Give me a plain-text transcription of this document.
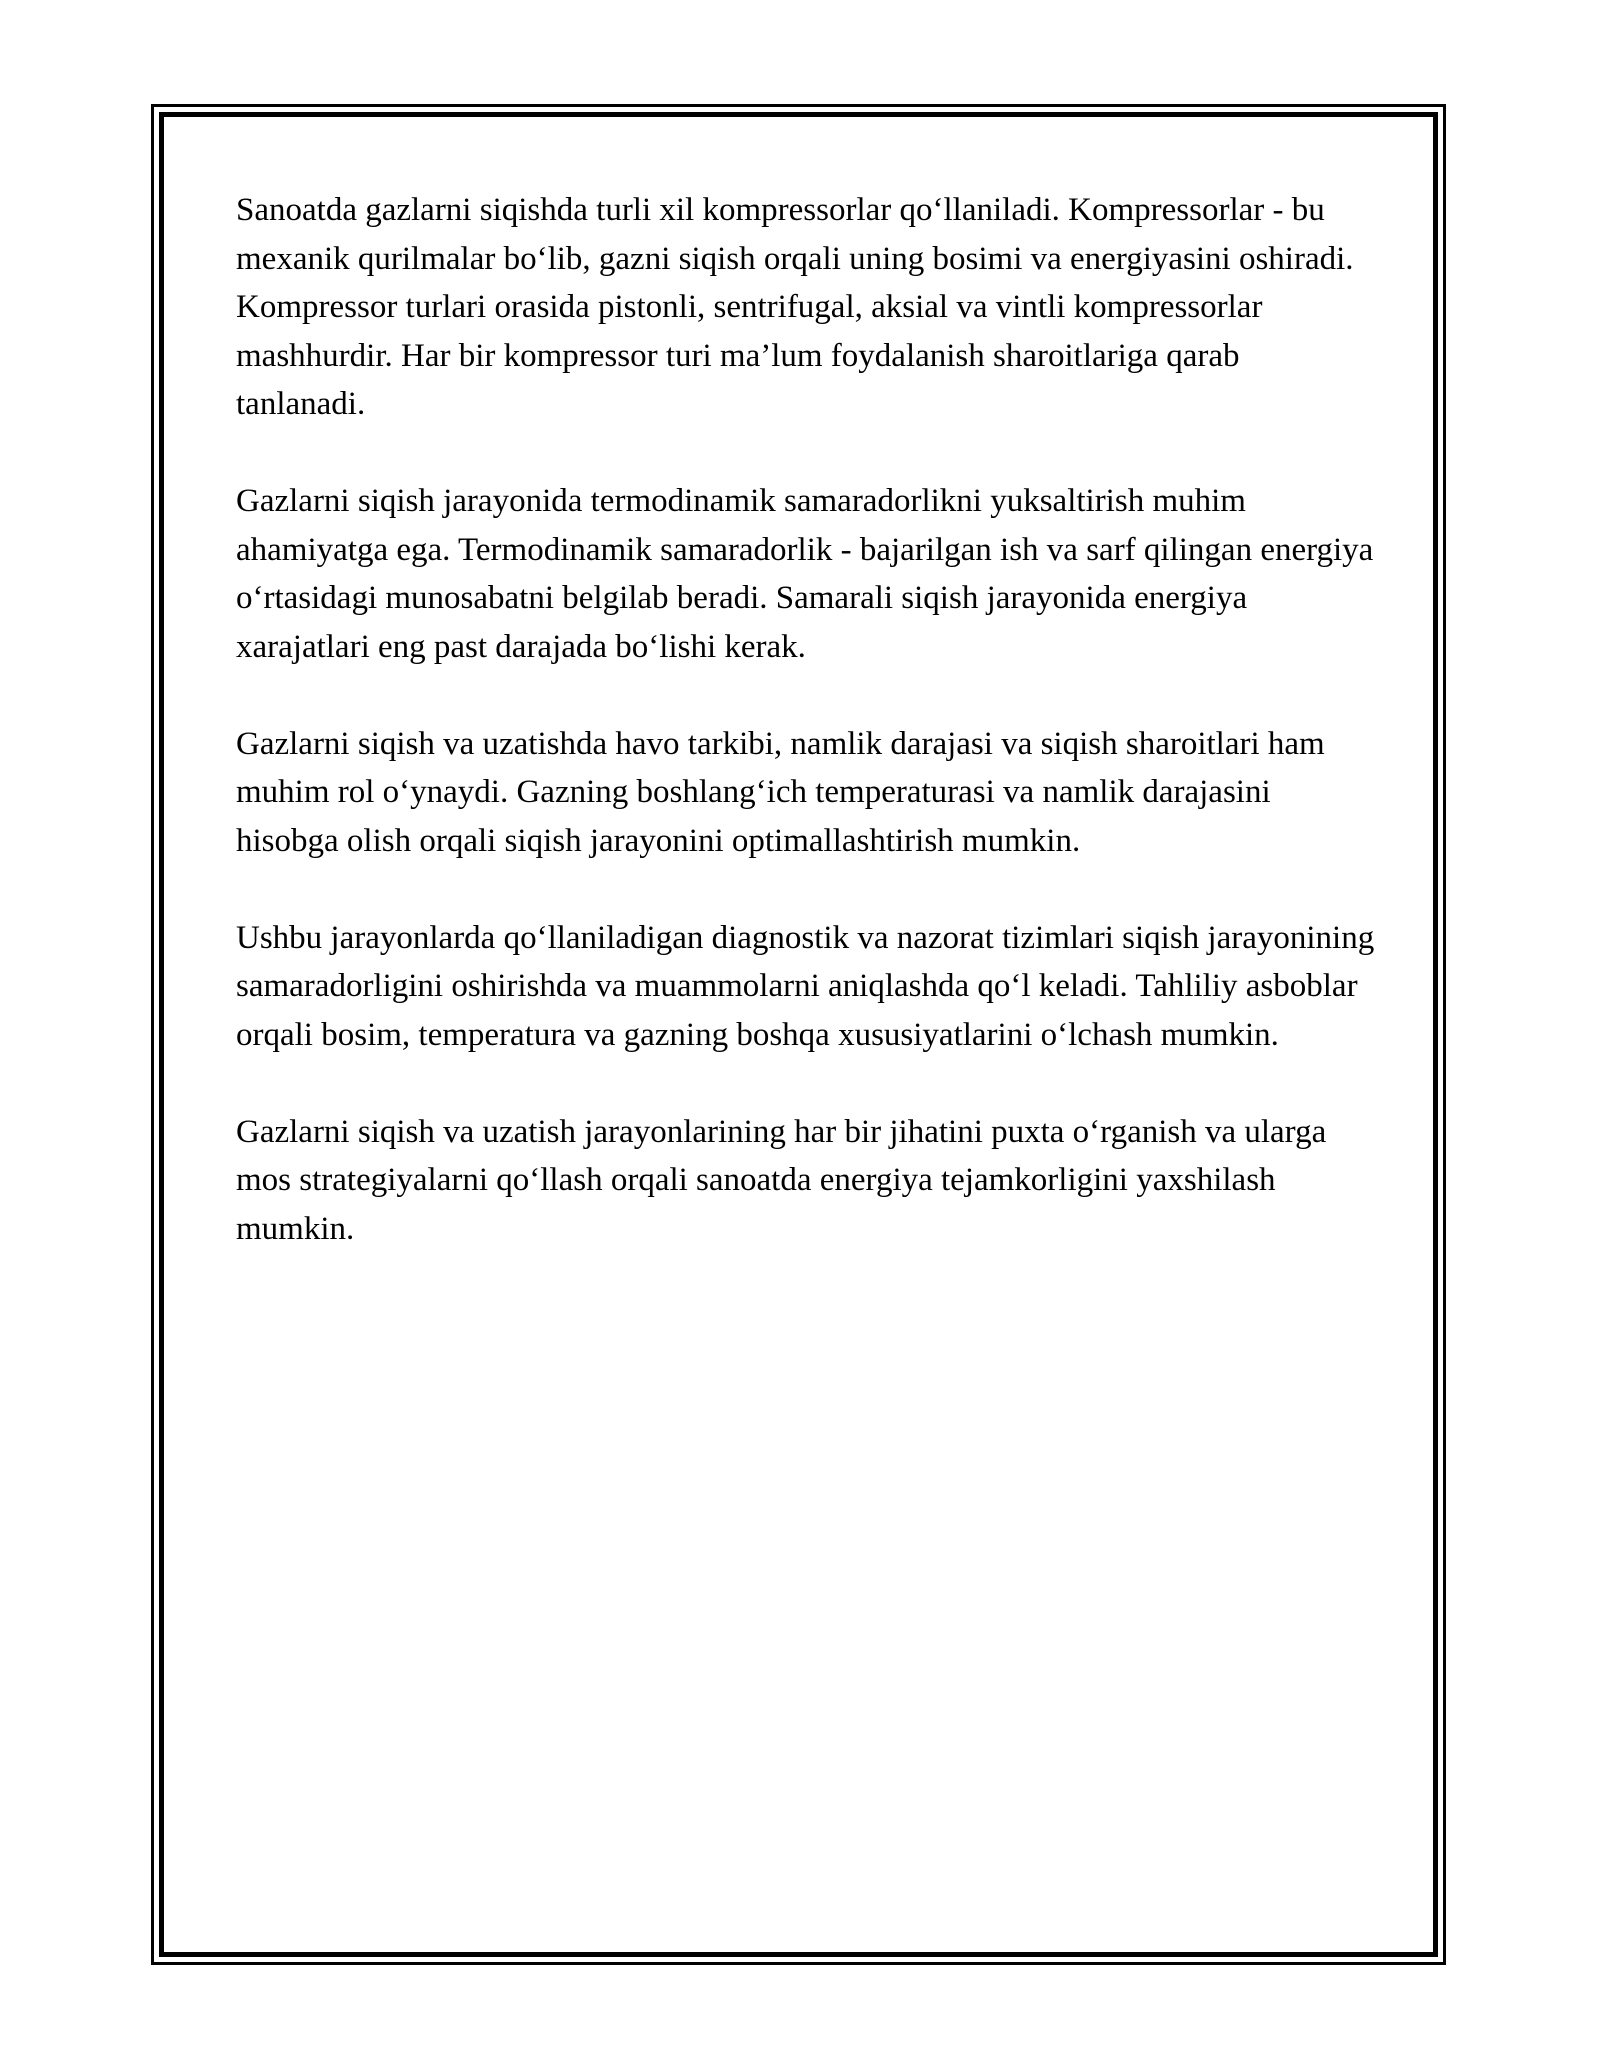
Sanoatda gazlarni siqishda turli xil kompressorlar qo‘llaniladi. Kompressorlar - bu mexanik qurilmalar bo‘lib, gazni siqish orqali uning bosimi va energiyasini oshiradi. Kompressor turlari orasida pistonli, sentrifugal, aksial va vintli kompressorlar mashhurdir. Har bir kompressor turi ma’lum foydalanish sharoitlariga qarab tanlanadi.

Gazlarni siqish jarayonida termodinamik samaradorlikni yuksaltirish muhim ahamiyatga ega. Termodinamik samaradorlik - bajarilgan ish va sarf qilingan energiya o‘rtasidagi munosabatni belgilab beradi. Samarali siqish jarayonida energiya xarajatlari eng past darajada bo‘lishi kerak.

Gazlarni siqish va uzatishda havo tarkibi, namlik darajasi va siqish sharoitlari ham muhim rol o‘ynaydi. Gazning boshlang‘ich temperaturasi va namlik darajasini hisobga olish orqali siqish jarayonini optimallashtirish mumkin.

Ushbu jarayonlarda qo‘llaniladigan diagnostik va nazorat tizimlari siqish jarayonining samaradorligini oshirishda va muammolarni aniqlashda qo‘l keladi. Tahliliy asboblar orqali bosim, temperatura va gazning boshqa xususiyatlarini o‘lchash mumkin.

Gazlarni siqish va uzatish jarayonlarining har bir jihatini puxta o‘rganish va ularga mos strategiyalarni qo‘llash orqali sanoatda energiya tejamkorligini yaxshilash mumkin.
